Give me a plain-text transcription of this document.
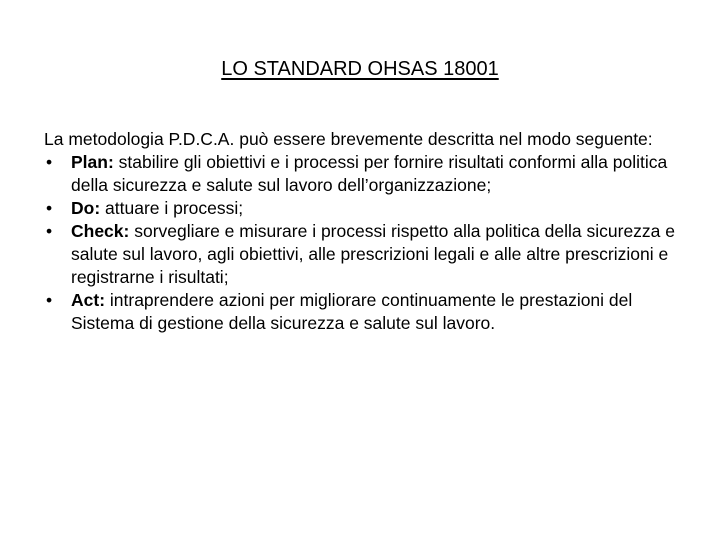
LO STANDARD OHSAS 18001

La metodologia P.D.C.A. può essere brevemente descritta nel modo seguente:

• Plan: stabilire gli obiettivi e i processi per fornire risultati conformi alla politica della sicurezza e salute sul lavoro dell’organizzazione;
• Do: attuare i processi;
• Check: sorvegliare e misurare i processi rispetto alla politica della sicurezza e salute sul lavoro, agli obiettivi, alle prescrizioni legali e alle altre prescrizioni e registrarne i risultati;
• Act: intraprendere azioni per migliorare continuamente le prestazioni del Sistema di gestione della sicurezza e salute sul lavoro.
